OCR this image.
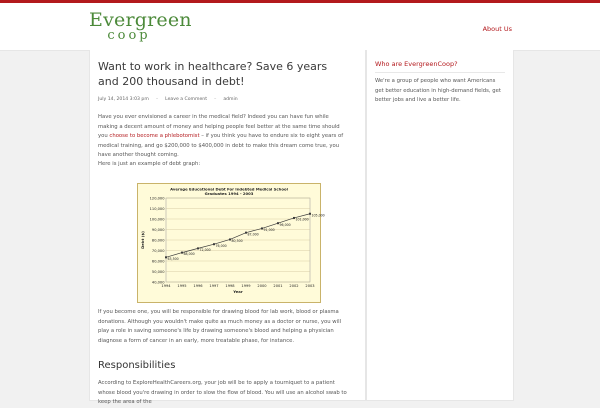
Evergreen
coop	About Us
Want to work in healthcare? Save 6 years and 200 thousand in debt!
July 14, 2014 3:03 pm – Leave a Comment – admin
Have you ever envisioned a career in the medical field? Indeed you can have fun while making a decent amount of money and helping people feel better at the same time should you choose to become a phlebotomist – if you think you have to endure six to eight years of medical training, and go $200,000 to $400,000 in debt to make this dream come true, you have another thought coming.
Here is just an example of debt graph:
Average Educational Debt For Indebted Medical School
Graduates 1994 - 2003
40,000
50,000
60,000
70,000
80,000
90,000
100,000
110,000
120,000
1994 1995 1996 1997 1998 1999 2000 2001 2002 2003
Year
Debt ($)
63,500
68,000
72,000
76,000
80,500
87,000
91,000
96,000
101,000
105,000
If you become one, you will be responsible for drawing blood for lab work, blood or plasma donations. Although you wouldn't make quite as much money as a doctor or nurse, you will play a role in saving someone's life by drawing someone's blood and helping a physician diagnose a form of cancer in an early, more treatable phase, for instance.
Responsibilities
According to ExploreHealthCareers.org, your job will be to apply a tourniquet to a patient whose blood you're drawing in order to slow the flow of blood. You will use an alcohol swab to keep the area of the
Who are EvergreenCoop?
We're a group of people who want Americans get better education in high-demand fields, get better jobs and live a better life.
